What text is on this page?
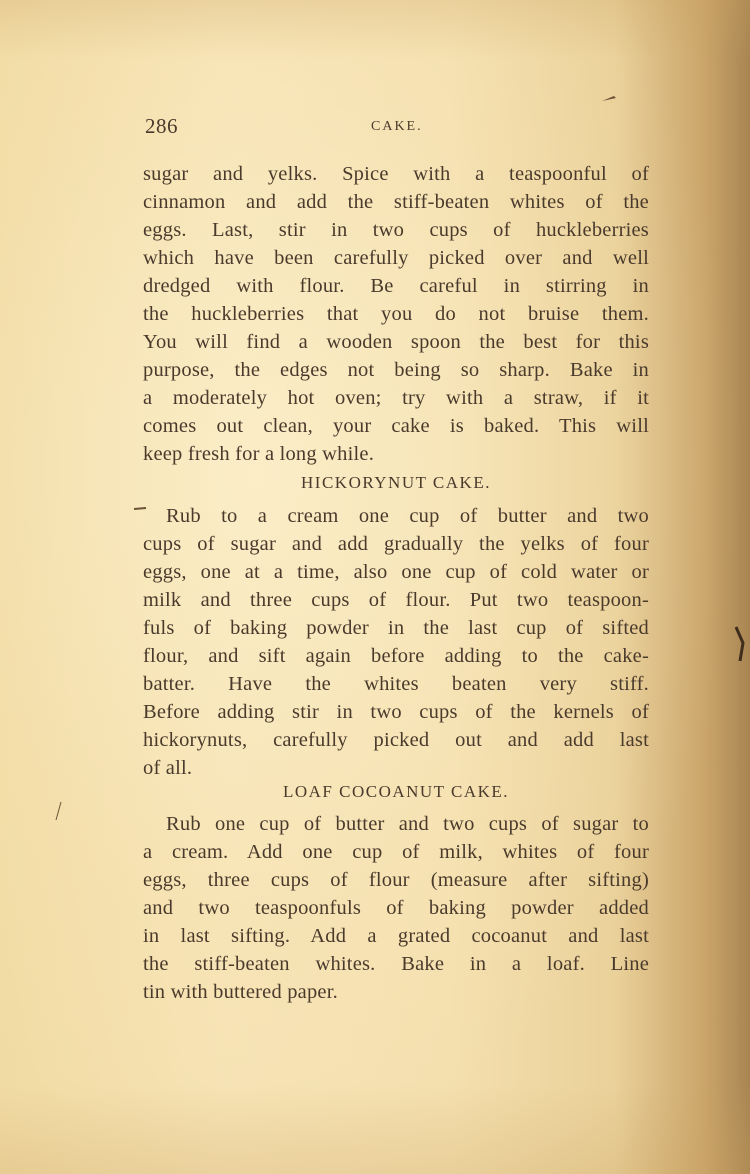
286	CAKE.
sugar and yelks. Spice with a teaspoonful of
cinnamon and add the stiff-beaten whites of the
eggs. Last, stir in two cups of huckleberries
which have been carefully picked over and well
dredged with flour. Be careful in stirring in
the huckleberries that you do not bruise them.
You will find a wooden spoon the best for this
purpose, the edges not being so sharp. Bake in
a moderately hot oven; try with a straw, if it
comes out clean, your cake is baked. This will
keep fresh for a long while.
HICKORYNUT CAKE.
Rub to a cream one cup of butter and two
cups of sugar and add gradually the yelks of four
eggs, one at a time, also one cup of cold water or
milk and three cups of flour. Put two teaspoon-
fuls of baking powder in the last cup of sifted
flour, and sift again before adding to the cake-
batter. Have the whites beaten very stiff.
Before adding stir in two cups of the kernels of
hickorynuts, carefully picked out and add last
of all.
LOAF COCOANUT CAKE.
Rub one cup of butter and two cups of sugar to
a cream. Add one cup of milk, whites of four
eggs, three cups of flour (measure after sifting)
and two teaspoonfuls of baking powder added
in last sifting. Add a grated cocoanut and last
the stiff-beaten whites. Bake in a loaf. Line
tin with buttered paper.
